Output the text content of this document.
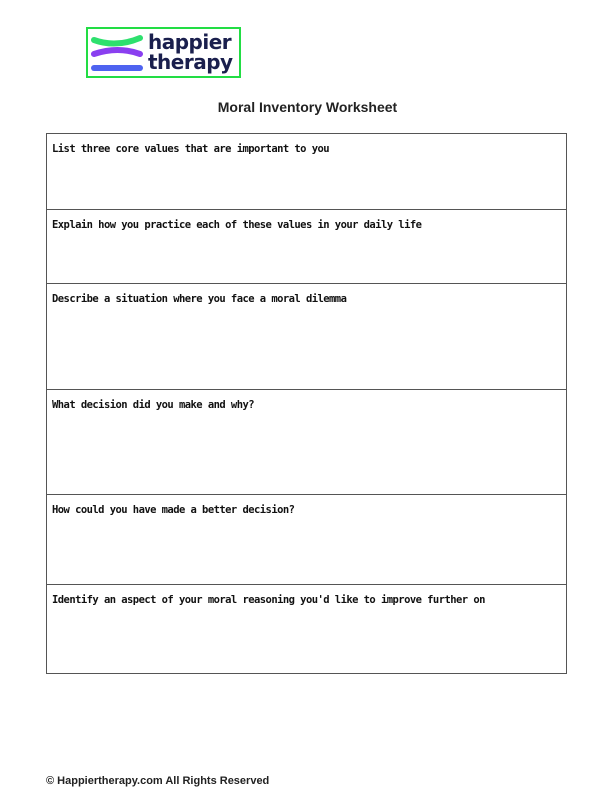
happier
therapy
Moral Inventory Worksheet
List three core values that are important to you
Explain how you practice each of these values in your daily life
Describe a situation where you face a moral dilemma
What decision did you make and why?
How could you have made a better decision?
Identify an aspect of your moral reasoning you'd like to improve further on
© Happiertherapy.com All Rights Reserved
